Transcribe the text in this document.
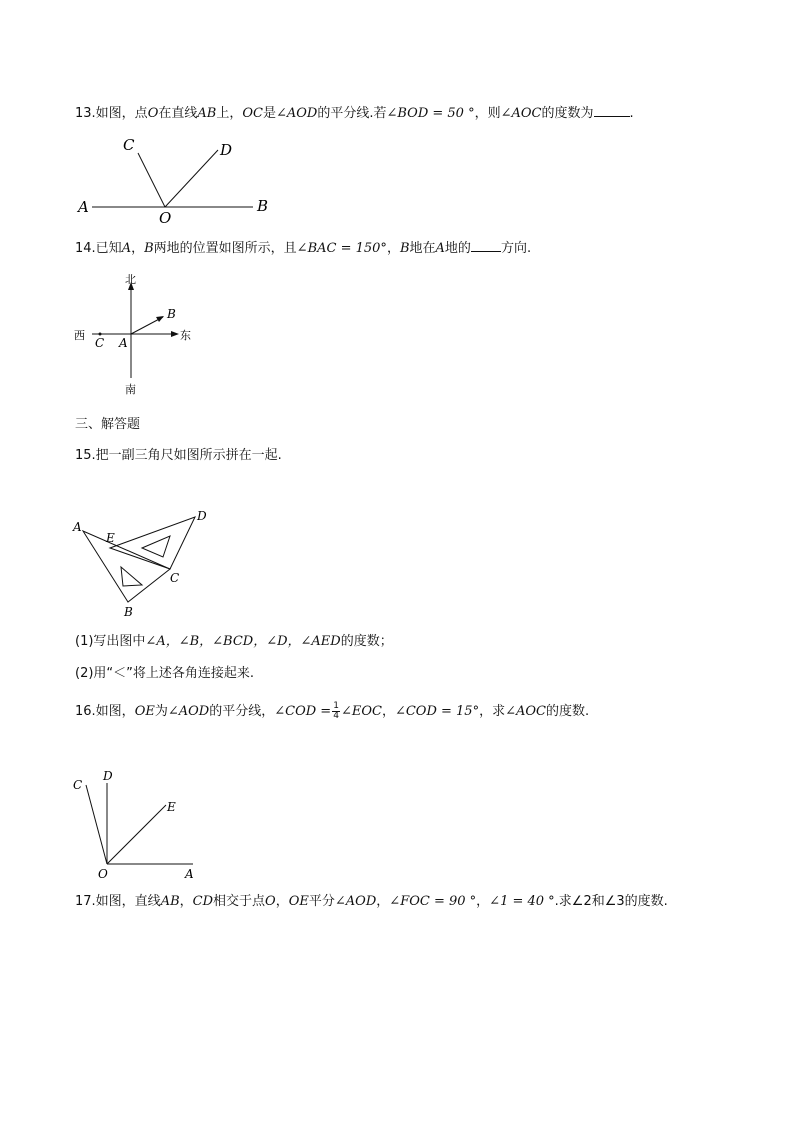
13.如图，点O在直线AB上，OC是∠AOD的平分线.若∠BOD = 50 °，则∠AOC的度数为	.
A	B
C	D
O
14.已知A，B两地的位置如图所示，且∠BAC = 150°，B地在A地的 方向.
北
南
东
西
A
B
C
三、解答题
15.把一副三角尺如图所示拼在一起.
A
B
C
D
E
(1)写出图中∠A，∠B，∠BCD，∠D，∠AED的度数；
(2)用“＜”将上述各角连接起来.
16.如图，OE为∠AOD的平分线，∠COD = $\frac{1}{4}$ ∠EOC，∠COD = 15°，求∠AOC的度数.
A
C
D
E
O
17.如图，直线AB，CD相交于点O，OE平分∠AOD，∠FOC = 90 °，∠1 = 40 °.求∠2和∠3的度数.
